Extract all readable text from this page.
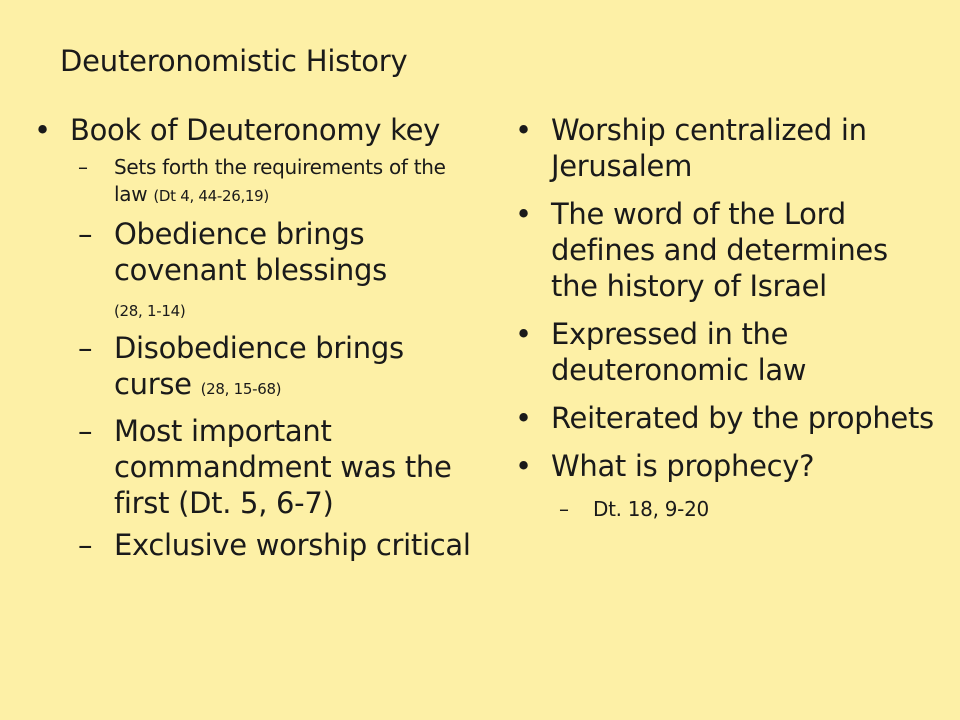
Deuteronomistic History
• Book of Deuteronomy key
–	Sets forth the requirements of the law (Dt 4, 44-26,19)
– Obedience brings covenant blessings
(28, 1-14)
– Disobedience brings curse (28, 15-68)
– Most important commandment was the first (Dt. 5, 6-7)
– Exclusive worship critical
• Worship centralized in Jerusalem
• The word of the Lord defines and determines the history of Israel
• Expressed in the deuteronomic law
• Reiterated by the prophets
• What is prophecy?
–	Dt. 18, 9-20
